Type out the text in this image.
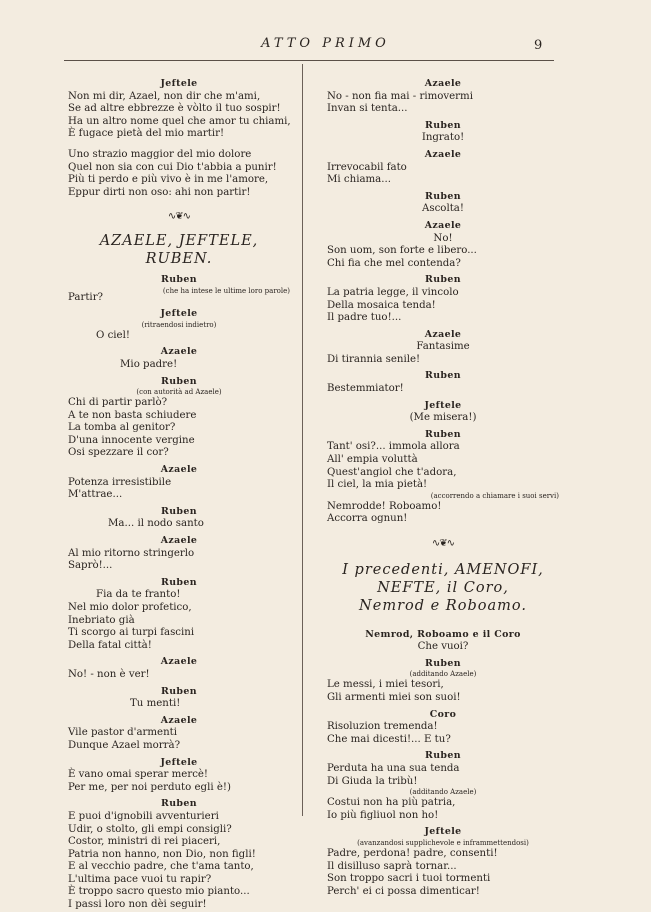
ATTO PRIMO	9
Jeftele
Non mi dir, Azael, non dir che m'ami,
Se ad altre ebbrezze è vòlto il tuo sospir!
Ha un altro nome quel che amor tu chiami,
È fugace pietà del mio martir!
Uno strazio maggior del mio dolore
Quel non sia con cui Dio t'abbia a punir!
Più ti perdo e più vivo è in me l'amore,
Eppur dirti non oso: ahi non partir!
∿❦∿
AZAELE, JEFTELE, RUBEN.
Ruben
(che ha intese le ultime loro parole)
Partir?
Jeftele
(ritraendosi indietro)
O ciel!
Azaele
Mio padre!
Ruben
(con autorità ad Azaele)
Chi di partir parlò?
A te non basta schiudere
La tomba al genitor?
D'una innocente vergine
Osi spezzare il cor?
Azaele
Potenza irresistibile
M'attrae...
Ruben
Ma... il nodo santo
Azaele
Al mio ritorno stringerlo
Saprò!...
Ruben
Fia da te franto!
Nel mio dolor profetico,
Inebriato già
Ti scorgo ai turpi fascini
Della fatal città!
Azaele
No! - non è ver!
Ruben
Tu menti!
Azaele
Vile pastor d'armenti
Dunque Azael morrà?
Jeftele
È vano omai sperar mercè!
Per me, per noi perduto egli è!)
Ruben
E puoi d'ignobili avventurieri
Udir, o stolto, gli empi consigli?
Costor, ministri di rei piaceri,
Patria non hanno, non Dio, non figli!
E al vecchio padre, che t'ama tanto,
L'ultima pace vuoi tu rapir?
È troppo sacro questo mio pianto...
I passi loro non dèi seguir!
Azaele
No - non fia mai - rimovermi
Invan si tenta...
Ruben
Ingrato!
Azaele
Irrevocabil fato
Mi chiama...
Ruben
Ascolta!
Azaele
No!
Son uom, son forte e libero...
Chi fia che mel contenda?
Ruben
La patria legge, il vincolo
Della mosaica tenda!
Il padre tuo!...
Azaele
Fantasime
Di tirannia senile!
Ruben
Bestemmiator!
Jeftele
(Me misera!)
Ruben
Tant' osi?... immola allora
All' empia voluttà
Quest'angiol che t'adora,
Il ciel, la mia pietà!
(accorrendo a chiamare i suoi servi)
Nemrodde! Roboamo!
Accorra ognun!
∿❦∿
I precedenti, AMENOFI, NEFTE, il Coro,
Nemrod e Roboamo.
Nemrod, Roboamo e il Coro
Che vuoi?
Ruben
(additando Azaele)
Le messi, i miei tesori,
Gli armenti miei son suoi!
Coro
Risoluzion tremenda!
Che mai dicesti!... E tu?
Ruben
Perduta ha una sua tenda
Di Giuda la tribù!
(additando Azaele)
Costui non ha più patria,
Io più figliuol non ho!
Jeftele
(avanzandosi supplichevole e inframmettendosi)
Padre, perdona! padre, consenti!
Il disilluso saprà tornar...
Son troppo sacri i tuoi tormenti
Perch' ei ci possa dimenticar!
